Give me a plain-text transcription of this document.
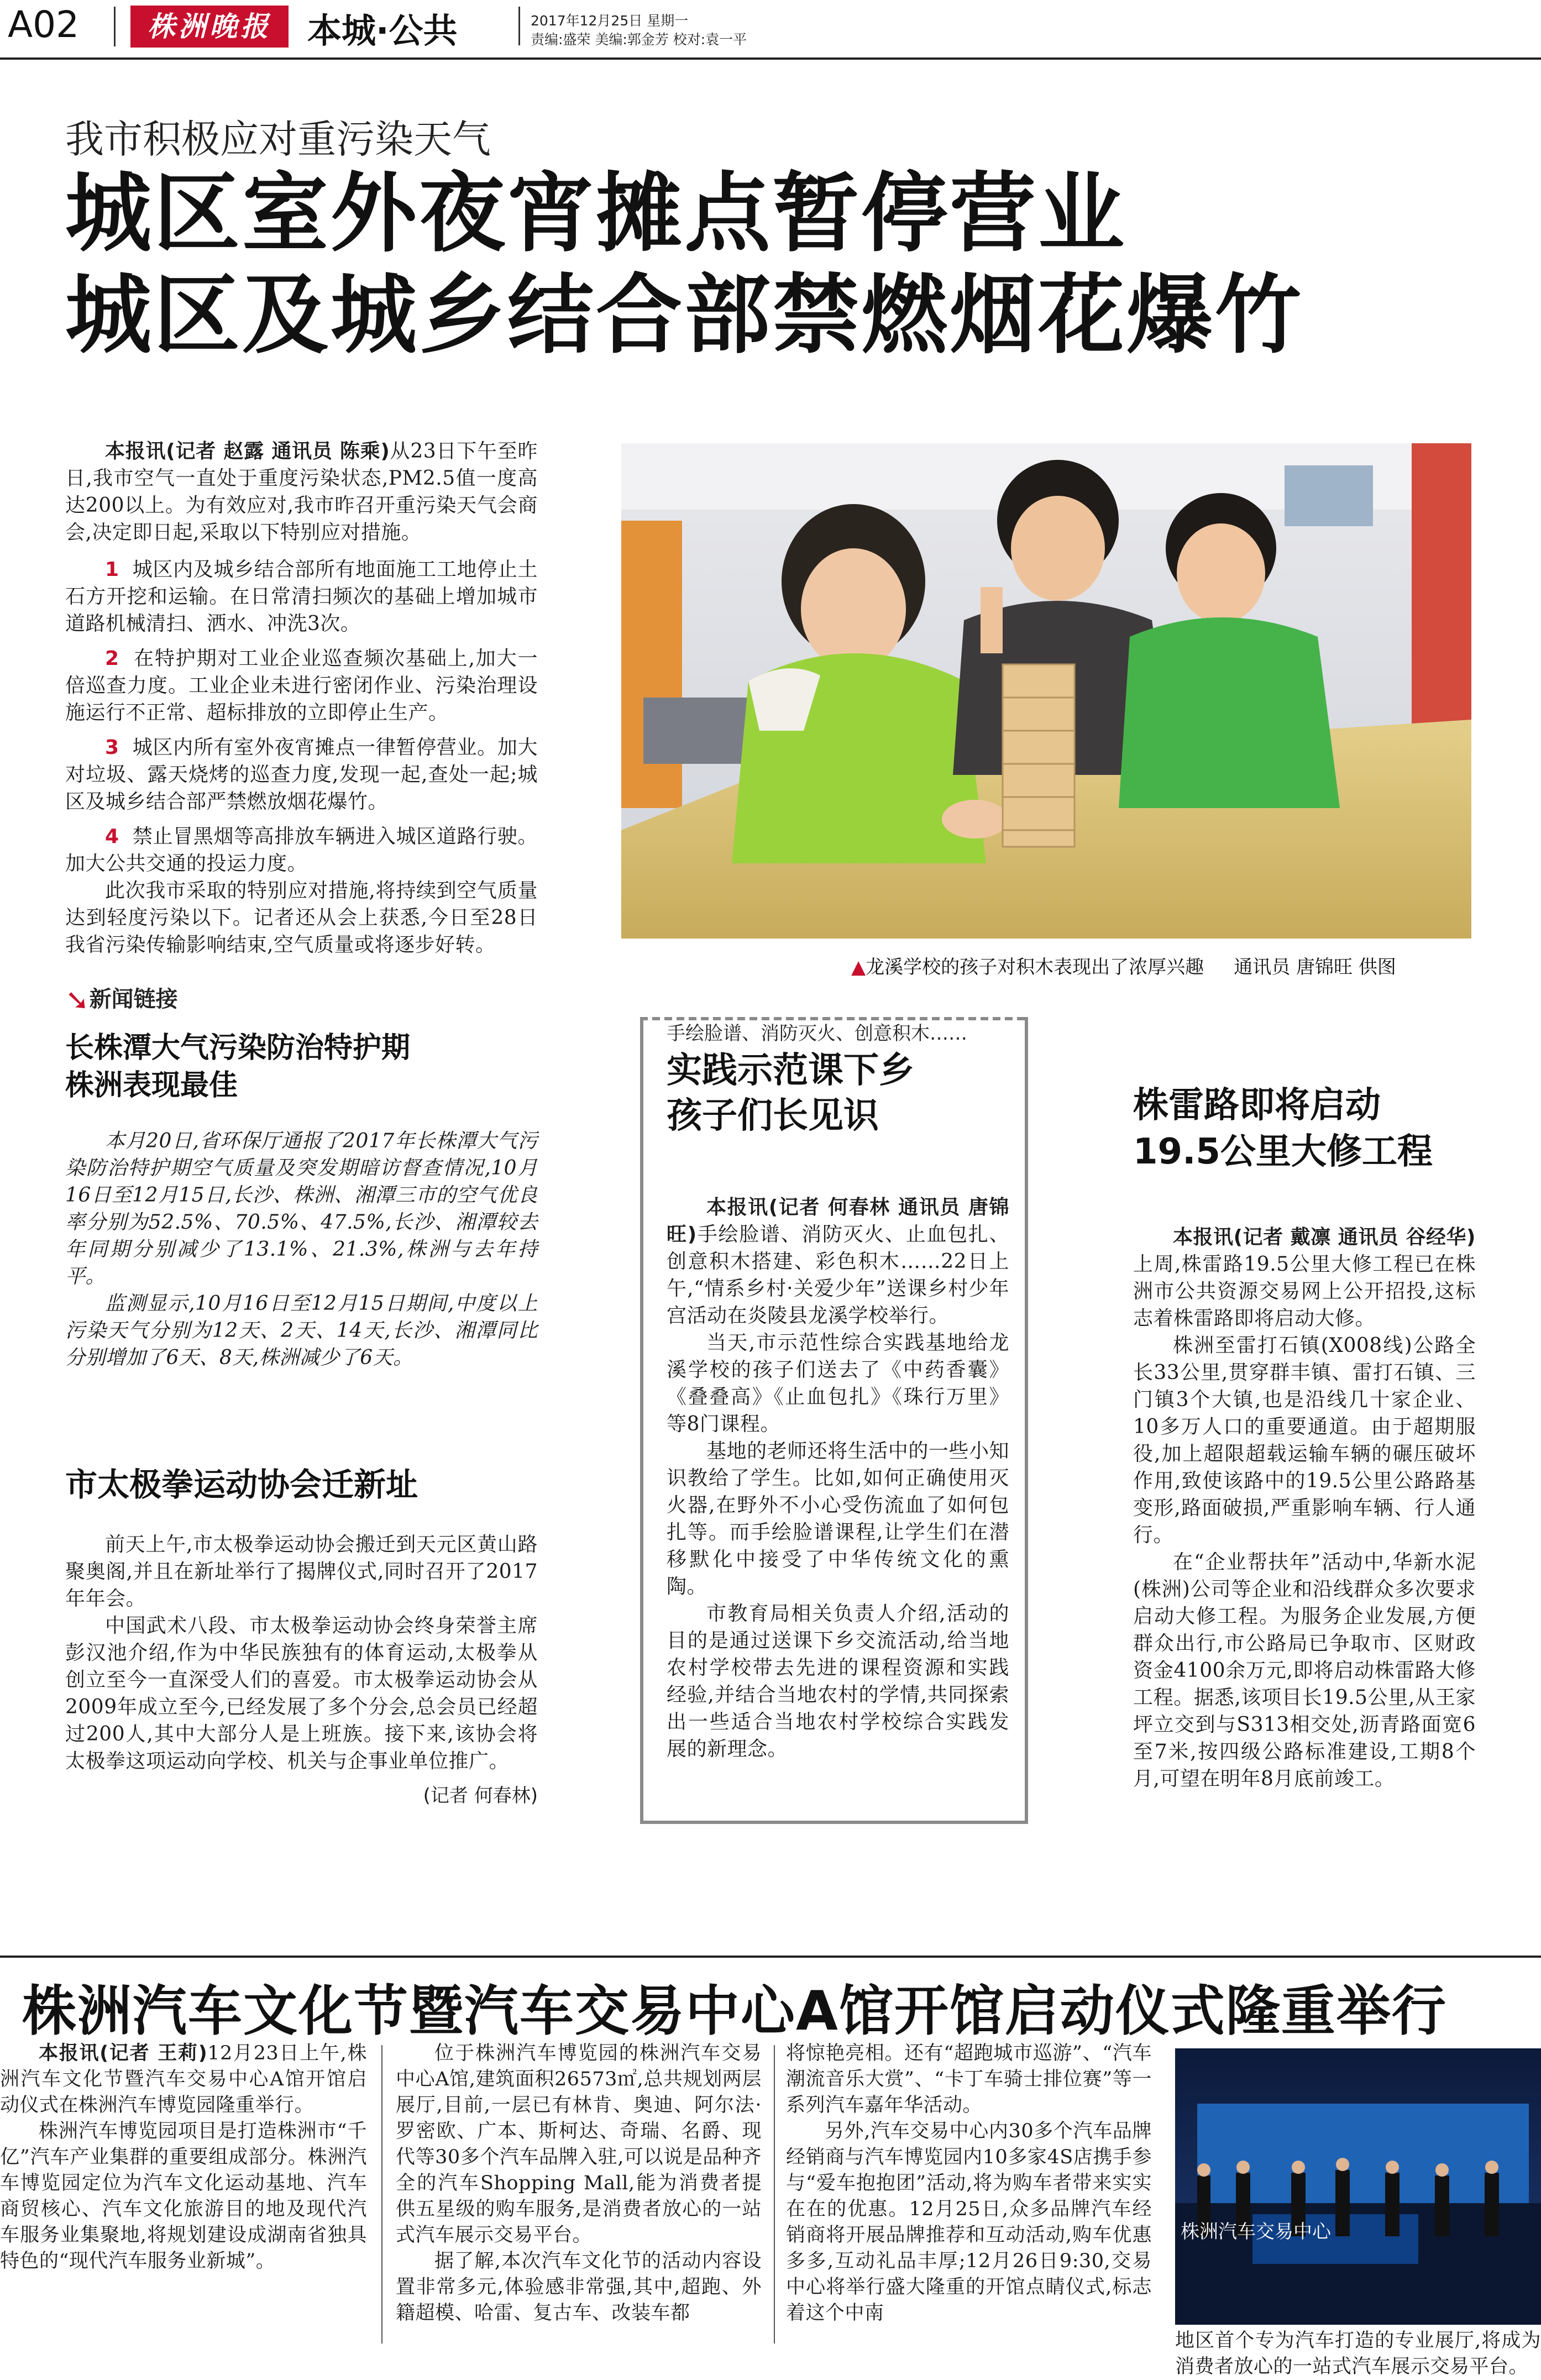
A02	株洲晚报	本城·公共	2017年12月25日 星期一
责编:盛荣 美编:郭金芳 校对:袁一平
我市积极应对重污染天气
城区室外夜宵摊点暂停营业
城区及城乡结合部禁燃烟花爆竹

本报讯(记者 赵露 通讯员 陈乘)从23日下午至昨日,我市空气一直处于重度污染状态,PM2.5值一度高达200以上。为有效应对,我市昨召开重污染天气会商会,决定即日起,采取以下特别应对措施。

1 城区内及城乡结合部所有地面施工工地停止土石方开挖和运输。在日常清扫频次的基础上增加城市道路机械清扫、洒水、冲洗3次。

2 在特护期对工业企业巡查频次基础上,加大一倍巡查力度。工业企业未进行密闭作业、污染治理设施运行不正常、超标排放的立即停止生产。

3 城区内所有室外夜宵摊点一律暂停营业。加大对垃圾、露天烧烤的巡查力度,发现一起,查处一起;城区及城乡结合部严禁燃放烟花爆竹。

4 禁止冒黑烟等高排放车辆进入城区道路行驶。加大公共交通的投运力度。

此次我市采取的特别应对措施,将持续到空气质量达到轻度污染以下。记者还从会上获悉,今日至28日我省污染传输影响结束,空气质量或将逐步好转。

▲龙溪学校的孩子对积木表现出了浓厚兴趣 通讯员 唐锦旺 供图
➘新闻链接
长株潭大气污染防治特护期
株洲表现最佳

本月20日,省环保厅通报了2017年长株潭大气污染防治特护期空气质量及突发期暗访督查情况,10月16日至12月15日,长沙、株洲、湘潭三市的空气优良率分别为52.5%、70.5%、47.5%,长沙、湘潭较去年同期分别减少了13.1%、21.3%,株洲与去年持平。

监测显示,10月16日至12月15日期间,中度以上污染天气分别为12天、2天、14天,长沙、湘潭同比分别增加了6天、8天,株洲减少了6天。

市太极拳运动协会迁新址

前天上午,市太极拳运动协会搬迁到天元区黄山路聚奥阁,并且在新址举行了揭牌仪式,同时召开了2017年年会。

中国武术八段、市太极拳运动协会终身荣誉主席彭汉池介绍,作为中华民族独有的体育运动,太极拳从创立至今一直深受人们的喜爱。市太极拳运动协会从2009年成立至今,已经发展了多个分会,总会员已经超过200人,其中大部分人是上班族。接下来,该协会将太极拳这项运动向学校、机关与企事业单位推广。

(记者 何春林)
手绘脸谱、消防灭火、创意积木……
实践示范课下乡
孩子们长见识

本报讯(记者 何春林 通讯员 唐锦旺)手绘脸谱、消防灭火、止血包扎、创意积木搭建、彩色积木……22日上午,“情系乡村·关爱少年”送课乡村少年宫活动在炎陵县龙溪学校举行。

当天,市示范性综合实践基地给龙溪学校的孩子们送去了《中药香囊》《叠叠高》《止血包扎》《珠行万里》等8门课程。

基地的老师还将生活中的一些小知识教给了学生。比如,如何正确使用灭火器,在野外不小心受伤流血了如何包扎等。而手绘脸谱课程,让学生们在潜移默化中接受了中华传统文化的熏陶。

市教育局相关负责人介绍,活动的目的是通过送课下乡交流活动,给当地农村学校带去先进的课程资源和实践经验,并结合当地农村的学情,共同探索出一些适合当地农村学校综合实践发展的新理念。

株雷路即将启动
19.5公里大修工程

本报讯(记者 戴凛 通讯员 谷经华)上周,株雷路19.5公里大修工程已在株洲市公共资源交易网上公开招投,这标志着株雷路即将启动大修。

株洲至雷打石镇(X008线)公路全长33公里,贯穿群丰镇、雷打石镇、三门镇3个大镇,也是沿线几十家企业、10多万人口的重要通道。由于超期服役,加上超限超载运输车辆的碾压破坏作用,致使该路中的19.5公里公路路基变形,路面破损,严重影响车辆、行人通行。

在“企业帮扶年”活动中,华新水泥(株洲)公司等企业和沿线群众多次要求启动大修工程。为服务企业发展,方便群众出行,市公路局已争取市、区财政资金4100余万元,即将启动株雷路大修工程。据悉,该项目长19.5公里,从王家坪立交到与S313相交处,沥青路面宽6至7米,按四级公路标准建设,工期8个月,可望在明年8月底前竣工。

株洲汽车文化节暨汽车交易中心A馆开馆启动仪式隆重举行

本报讯(记者 王莉)12月23日上午,株洲汽车文化节暨汽车交易中心A馆开馆启动仪式在株洲汽车博览园隆重举行。

株洲汽车博览园项目是打造株洲市“千亿”汽车产业集群的重要组成部分。株洲汽车博览园定位为汽车文化运动基地、汽车商贸核心、汽车文化旅游目的地及现代汽车服务业集聚地,将规划建设成湖南省独具特色的“现代汽车服务业新城”。

位于株洲汽车博览园的株洲汽车交易中心A馆,建筑面积26573㎡,总共规划两层展厅,目前,一层已有林肯、奥迪、阿尔法·罗密欧、广本、斯柯达、奇瑞、名爵、现代等30多个汽车品牌入驻,可以说是品种齐全的汽车Shopping Mall,能为消费者提供五星级的购车服务,是消费者放心的一站式汽车展示交易平台。

据了解,本次汽车文化节的活动内容设置非常多元,体验感非常强,其中,超跑、外籍超模、哈雷、复古车、改装车都

将惊艳亮相。还有“超跑城市巡游”、“汽车潮流音乐大赏”、“卡丁车骑士排位赛”等一系列汽车嘉年华活动。

另外,汽车交易中心内30多个汽车品牌经销商与汽车博览园内10多家4S店携手参与“爱车抱抱团”活动,将为购车者带来实实在在的优惠。12月25日,众多品牌汽车经销商将开展品牌推荐和互动活动,购车优惠多多,互动礼品丰厚;12月26日9:30,交易中心将举行盛大隆重的开馆点睛仪式,标志着这个中南

株洲汽车交易中心

地区首个专为汽车打造的专业展厅,将成为消费者放心的一站式汽车展示交易平台。
